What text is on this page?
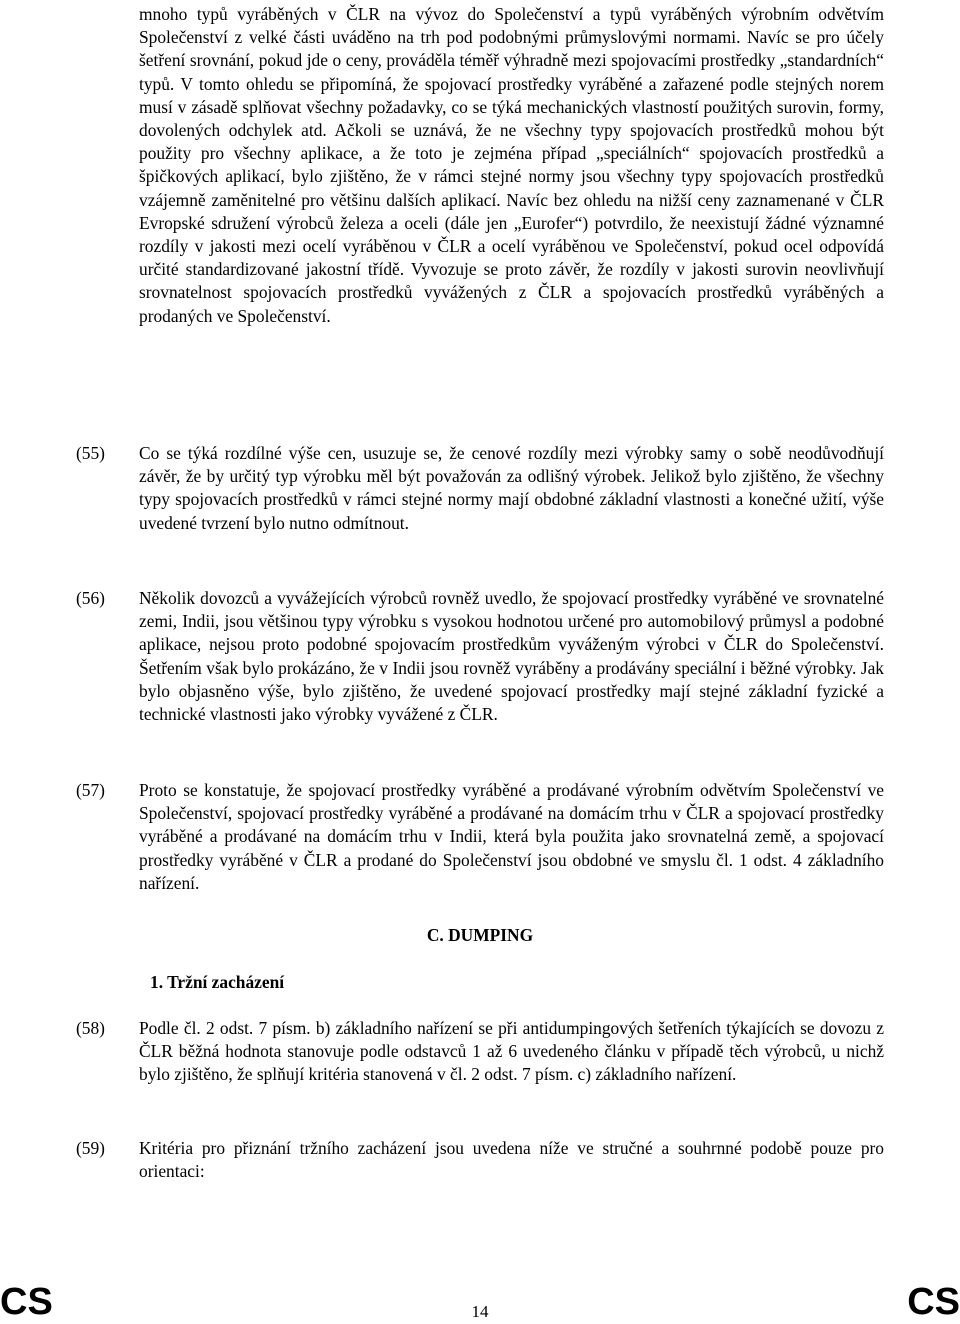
mnoho typů vyráběných v ČLR na vývoz do Společenství a typů vyráběných výrobním odvětvím Společenství z velké části uváděno na trh pod podobnými průmyslovými normami. Navíc se pro účely šetření srovnání, pokud jde o ceny, prováděla téměř výhradně mezi spojovacími prostředky „standardních“ typů. V tomto ohledu se připomíná, že spojovací prostředky vyráběné a zařazené podle stejných norem musí v zásadě splňovat všechny požadavky, co se týká mechanických vlastností použitých surovin, formy, dovolených odchylek atd. Ačkoli se uznává, že ne všechny typy spojovacích prostředků mohou být použity pro všechny aplikace, a že toto je zejména případ „speciálních“ spojovacích prostředků a špičkových aplikací, bylo zjištěno, že v rámci stejné normy jsou všechny typy spojovacích prostředků vzájemně zaměnitelné pro většinu dalších aplikací. Navíc bez ohledu na nižší ceny zaznamenané v ČLR Evropské sdružení výrobců železa a oceli (dále jen „Eurofer“) potvrdilo, že neexistují žádné významné rozdíly v jakosti mezi ocelí vyráběnou v ČLR a ocelí vyráběnou ve Společenství, pokud ocel odpovídá určité standardizované jakostní třídě. Vyvozuje se proto závěr, že rozdíly v jakosti surovin neovlivňují srovnatelnost spojovacích prostředků vyvážených z ČLR a spojovacích prostředků vyráběných a prodaných ve Společenství.
(55) Co se týká rozdílné výše cen, usuzuje se, že cenové rozdíly mezi výrobky samy o sobě neodůvodňují závěr, že by určitý typ výrobku měl být považován za odlišný výrobek. Jelikož bylo zjištěno, že všechny typy spojovacích prostředků v rámci stejné normy mají obdobné základní vlastnosti a konečné užití, výše uvedené tvrzení bylo nutno odmítnout.
(56) Několik dovozců a vyvážejících výrobců rovněž uvedlo, že spojovací prostředky vyráběné ve srovnatelné zemi, Indii, jsou většinou typy výrobku s vysokou hodnotou určené pro automobilový průmysl a podobné aplikace, nejsou proto podobné spojovacím prostředkům vyváženým výrobci v ČLR do Společenství. Šetřením však bylo prokázáno, že v Indii jsou rovněž vyráběny a prodávány speciální i běžné výrobky. Jak bylo objasněno výše, bylo zjištěno, že uvedené spojovací prostředky mají stejné základní fyzické a technické vlastnosti jako výrobky vyvážené z ČLR.
(57) Proto se konstatuje, že spojovací prostředky vyráběné a prodávané výrobním odvětvím Společenství ve Společenství, spojovací prostředky vyráběné a prodávané na domácím trhu v ČLR a spojovací prostředky vyráběné a prodávané na domácím trhu v Indii, která byla použita jako srovnatelná země, a spojovací prostředky vyráběné v ČLR a prodané do Společenství jsou obdobné ve smyslu čl. 1 odst. 4 základního nařízení.
C. DUMPING
1. Tržní zacházení
(58) Podle čl. 2 odst. 7 písm. b) základního nařízení se při antidumpingových šetřeních týkajících se dovozu z ČLR běžná hodnota stanovuje podle odstavců 1 až 6 uvedeného článku v případě těch výrobců, u nichž bylo zjištěno, že splňují kritéria stanovená v čl. 2 odst. 7 písm. c) základního nařízení.
(59) Kritéria pro přiznání tržního zacházení jsou uvedena níže ve stručné a souhrnné podobě pouze pro orientaci:
CS	14	CS
